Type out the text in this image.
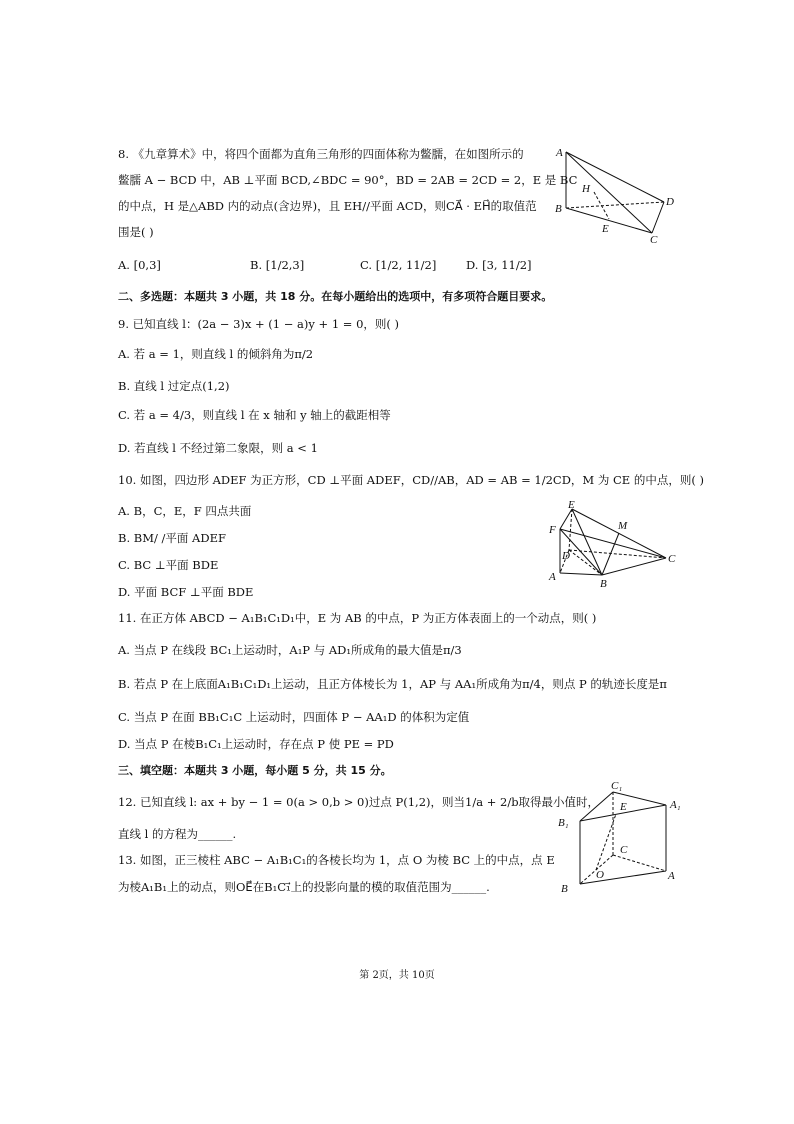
8. 《九章算术》中，将四个面都为直角三角形的四面体称为鳖臑，在如图所示的
鳖臑 A − BCD 中，AB ⊥平面 BCD,∠BDC = 90°，BD = 2AB = 2CD = 2，E 是 BC
的中点，H 是△ABD 内的动点(含边界)，且 EH//平面 ACD，则CA⃗ · EH⃗的取值范
围是( )
A
H
B
D
E
C
A. [0,3]	B. [1/2,3]	C. [1/2, 11/2]	D. [3, 11/2]
二、多选题：本题共 3 小题，共 18 分。在每小题给出的选项中，有多项符合题目要求。
9. 已知直线 l：(2a − 3)x + (1 − a)y + 1 = 0，则( )
A. 若 a = 1，则直线 l 的倾斜角为π/2
B. 直线 l 过定点(1,2)
C. 若 a = 4/3，则直线 l 在 x 轴和 y 轴上的截距相等
D. 若直线 l 不经过第二象限，则 a < 1
10. 如图，四边形 ADEF 为正方形，CD ⊥平面 ADEF，CD//AB，AD = AB = 1/2CD，M 为 CE 的中点，则( )
A. B，C，E，F 四点共面
B. BM/ /平面 ADEF
C. BC ⊥平面 BDE
D. 平面 BCF ⊥平面 BDE
E
M
F
D	C
A
B
11. 在正方体 ABCD − A₁B₁C₁D₁中，E 为 AB 的中点，P 为正方体表面上的一个动点，则( )
A. 当点 P 在线段 BC₁上运动时，A₁P 与 AD₁所成角的最大值是π/3
B. 若点 P 在上底面A₁B₁C₁D₁上运动，且正方体棱长为 1，AP 与 AA₁所成角为π/4，则点 P 的轨迹长度是π
C. 当点 P 在面 BB₁C₁C 上运动时，四面体 P − AA₁D 的体积为定值
D. 当点 P 在棱B₁C₁上运动时，存在点 P 使 PE = PD
三、填空题：本题共 3 小题，每小题 5 分，共 15 分。
12. 已知直线 l: ax + by − 1 = 0(a > 0,b > 0)过点 P(1,2)，则当1/a + 2/b取得最小值时，
直线 l 的方程为______.
13. 如图，正三棱柱 ABC − A₁B₁C₁的各棱长均为 1，点 O 为棱 BC 上的中点，点 E
为棱A₁B₁上的动点，则OE⃗在B₁C₁⃗上的投影向量的模的取值范围为______.
C₁
E	A₁
B₁
C
O	A
B
第 2页，共 10页
